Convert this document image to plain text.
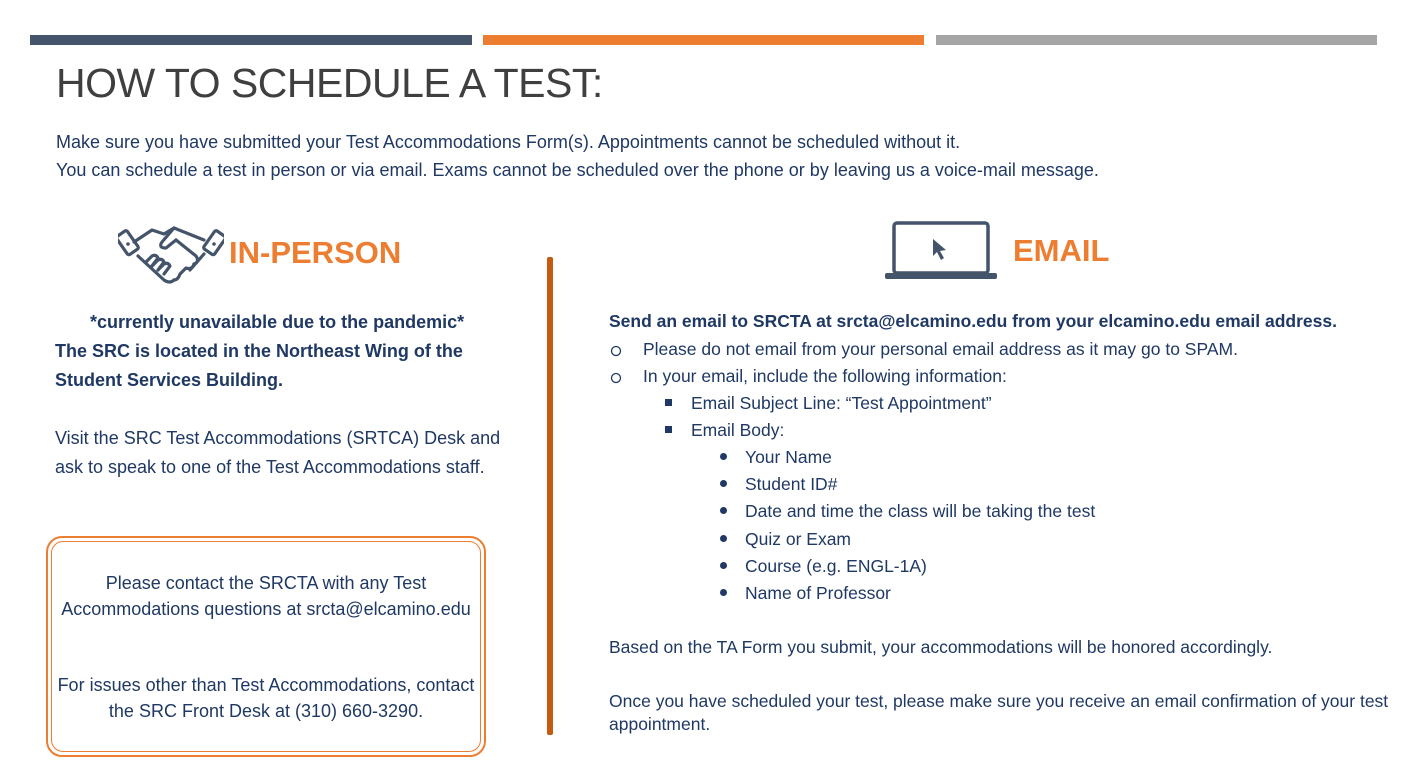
HOW TO SCHEDULE A TEST:
Make sure you have submitted your Test Accommodations Form(s). Appointments cannot be scheduled without it.
You can schedule a test in person or via email. Exams cannot be scheduled over the phone or by leaving us a voice-mail message.
IN-PERSON	EMAIL
*currently unavailable due to the pandemic*
The SRC is located in the Northeast Wing of the Student Services Building.
Visit the SRC Test Accommodations (SRTCA) Desk and ask to speak to one of the Test Accommodations staff.
Please contact the SRCTA with any Test Accommodations questions at srcta@elcamino.edu
For issues other than Test Accommodations, contact the SRC Front Desk at (310) 660-3290.
Send an email to SRCTA at srcta@elcamino.edu from your elcamino.edu email address.
Please do not email from your personal email address as it may go to SPAM.
In your email, include the following information:
Email Subject Line: “Test Appointment”
Email Body:
Your Name
Student ID#
Date and time the class will be taking the test
Quiz or Exam
Course (e.g. ENGL-1A)
Name of Professor
Based on the TA Form you submit, your accommodations will be honored accordingly.
Once you have scheduled your test, please make sure you receive an email confirmation of your test appointment.
